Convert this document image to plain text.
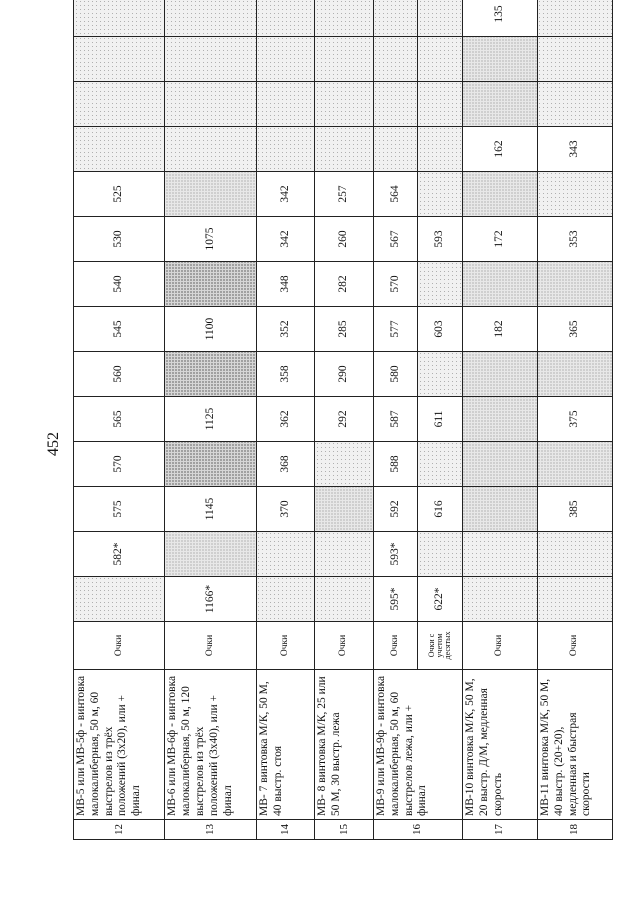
452
12	МВ-5 или МВ-5ф - винтовка малокалиберная, 50 м, 60 выстрелов из трёх положений (3х20), или + финал	Очки		582*	575	570	565	560	545	540	530	525				
13	МВ-6 или МВ-6ф - винтовка малокалиберная, 50 м, 120 выстрелов из трёх положений (3х40), или + финал	Очки	1166*		1145		1125		1100		1075					
14	МВ- 7 винтовка М/К, 50 М, 40 выстр. стоя	Очки			370	368	362	358	352	348	342	342				
15	МВ- 8 винтовка М/К, 25 или 50 М, 30 выстр. лежа	Очки					292	290	285	282	260	257				
16	МВ-9 или МВ-9ф - винтовка малокалиберная, 50 м, 60 выстрелов лежа, или + финал	Очки	595*	593*	592	588	587	580	577	570	567	564				
		Очки с учетом десятых	622*		616		611		603		593					
17	МВ-10 винтовка М/К, 50 М, 20 выстр. Д/М, медленная скорость	Очки							182		172		162			135
18	МВ-11 винтовка М/К, 50 М, 40 выстр. (20+20), медленная и быстрая скорости	Очки			385		375		365		353		343			
